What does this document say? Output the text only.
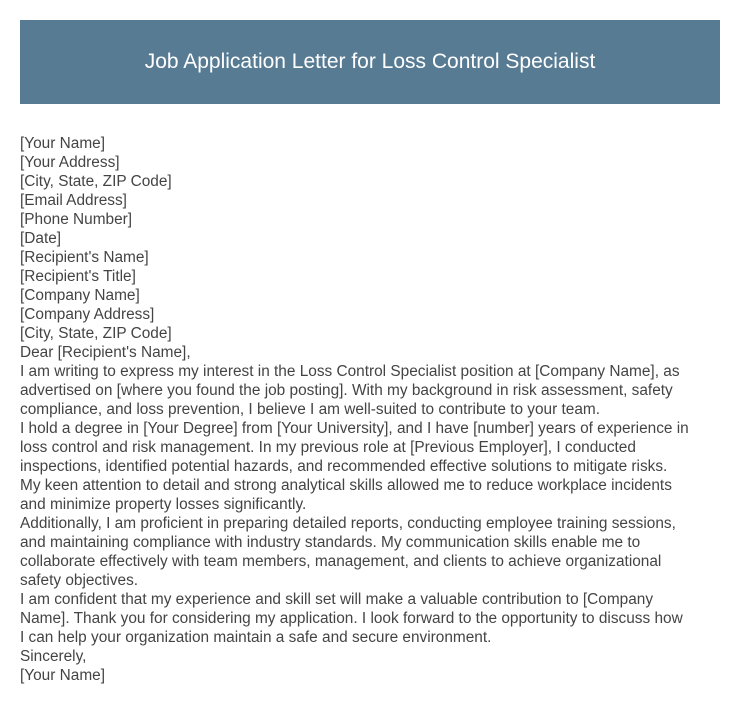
Job Application Letter for Loss Control Specialist
[Your Name]
[Your Address]
[City, State, ZIP Code]
[Email Address]
[Phone Number]
[Date]
[Recipient's Name]
[Recipient's Title]
[Company Name]
[Company Address]
[City, State, ZIP Code]
Dear [Recipient's Name],
I am writing to express my interest in the Loss Control Specialist position at [Company Name], as
advertised on [where you found the job posting]. With my background in risk assessment, safety
compliance, and loss prevention, I believe I am well-suited to contribute to your team.
I hold a degree in [Your Degree] from [Your University], and I have [number] years of experience in
loss control and risk management. In my previous role at [Previous Employer], I conducted
inspections, identified potential hazards, and recommended effective solutions to mitigate risks.
My keen attention to detail and strong analytical skills allowed me to reduce workplace incidents
and minimize property losses significantly.
Additionally, I am proficient in preparing detailed reports, conducting employee training sessions,
and maintaining compliance with industry standards. My communication skills enable me to
collaborate effectively with team members, management, and clients to achieve organizational
safety objectives.
I am confident that my experience and skill set will make a valuable contribution to [Company
Name]. Thank you for considering my application. I look forward to the opportunity to discuss how
I can help your organization maintain a safe and secure environment.
Sincerely,
[Your Name]
